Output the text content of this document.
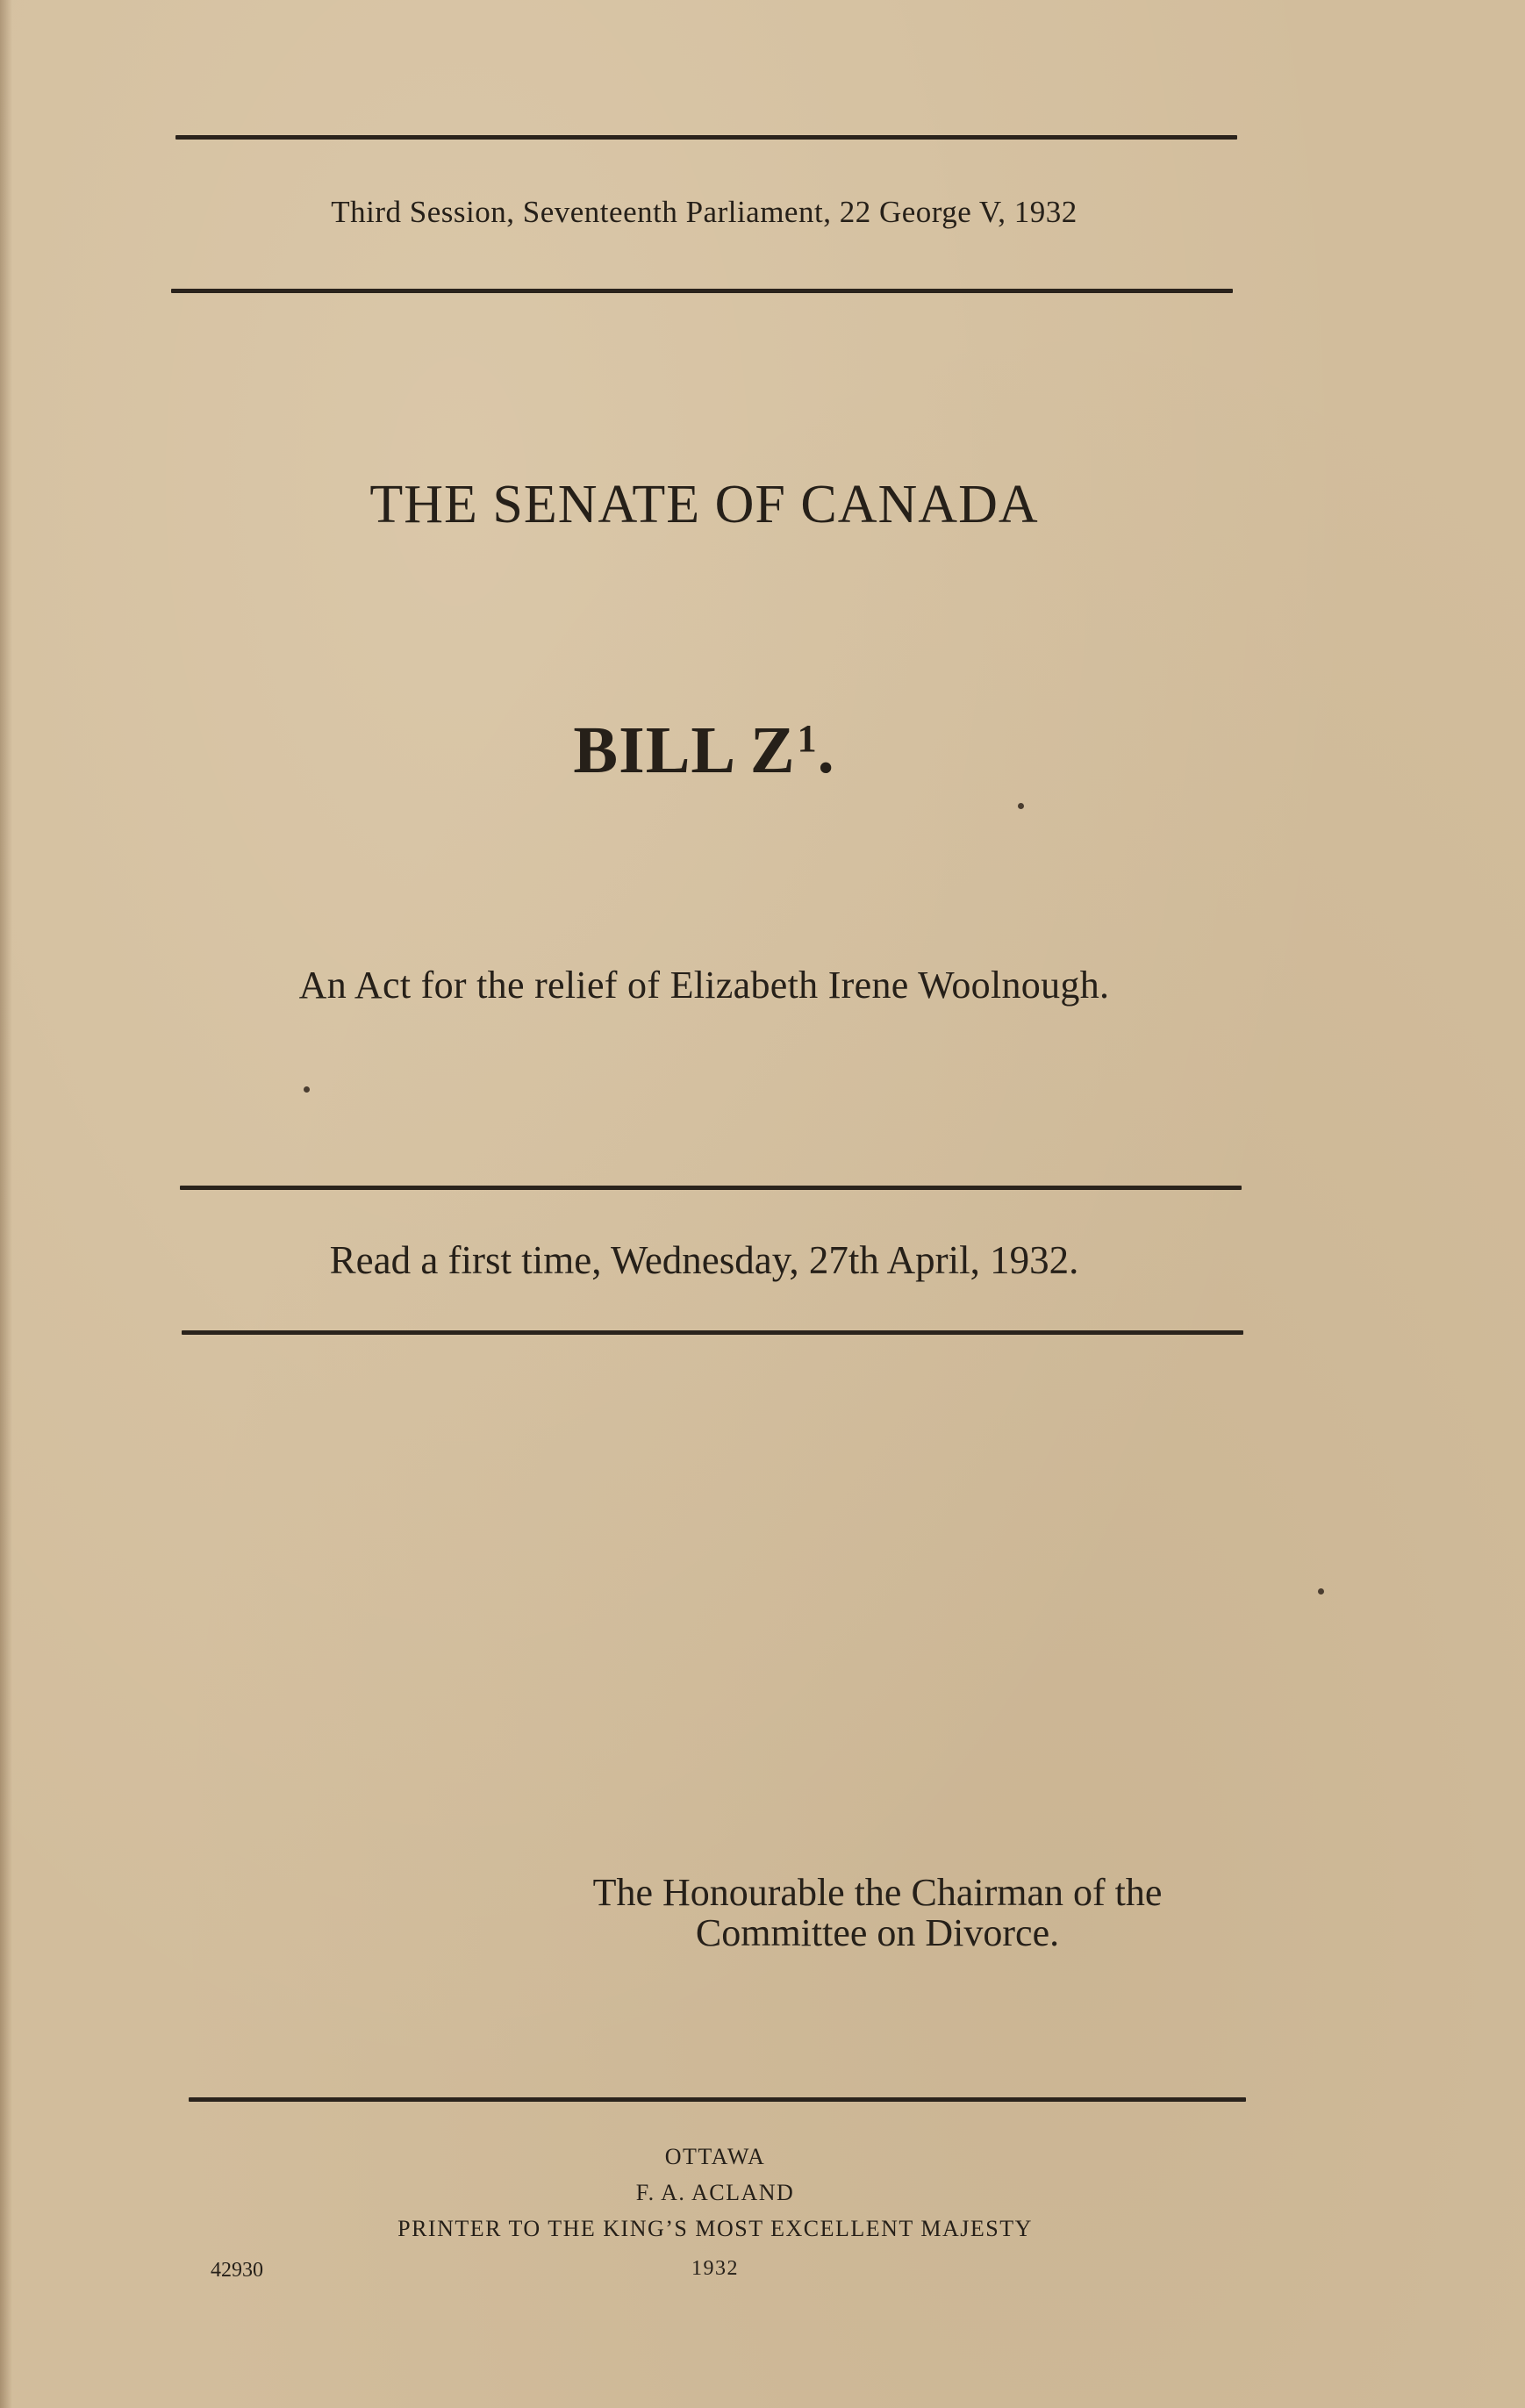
Third Session, Seventeenth Parliament, 22 George V, 1932
THE SENATE OF CANADA
BILL $Z^1$.
An Act for the relief of Elizabeth Irene Woolnough.
Read a first time, Wednesday, 27th April, 1932.
The Honourable the Chairman of the
Committee on Divorce.
OTTAWA
F. A. ACLAND
PRINTER TO THE KING’S MOST EXCELLENT MAJESTY
1932
42930
